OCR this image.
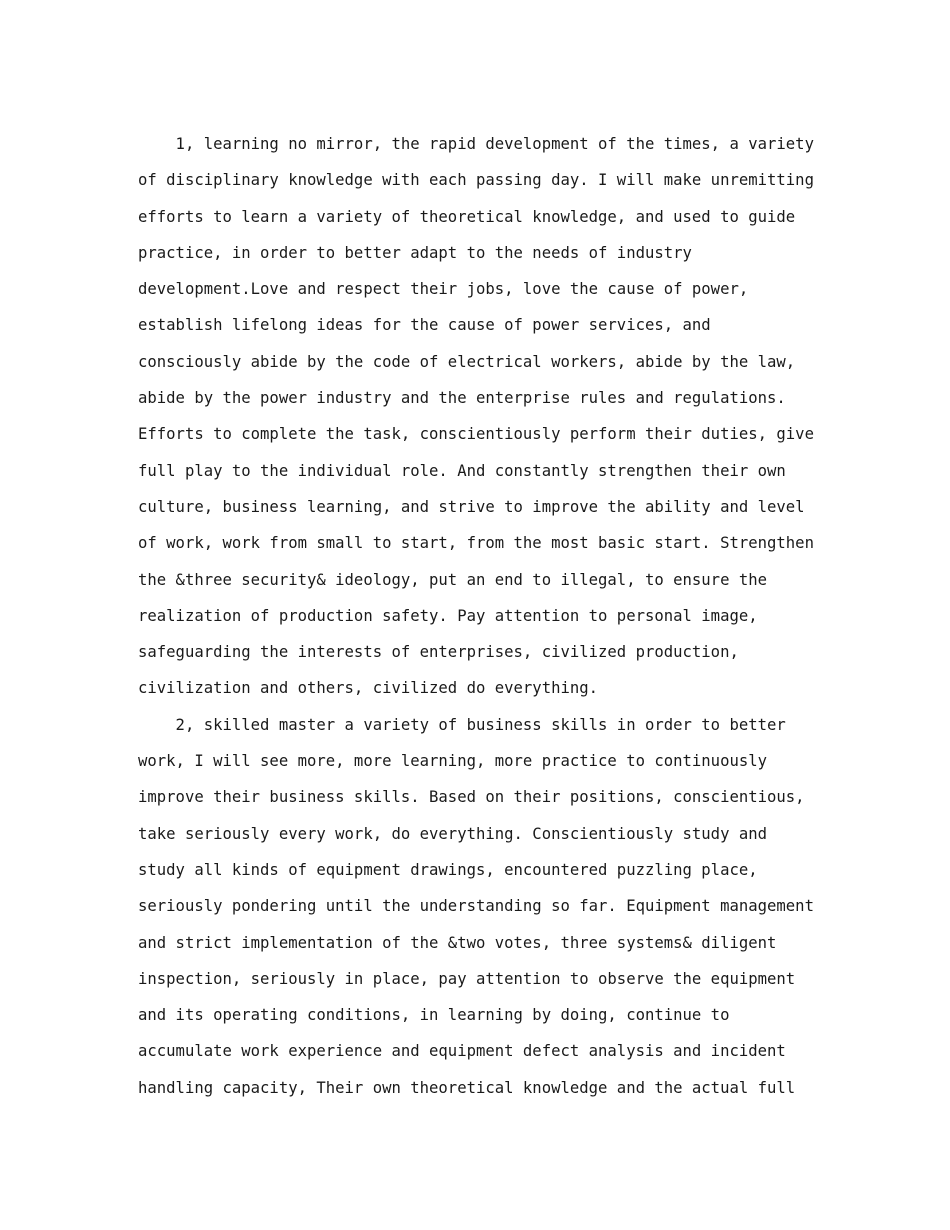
1, learning no mirror, the rapid development of the times, a variety
of disciplinary knowledge with each passing day. I will make unremitting
efforts to learn a variety of theoretical knowledge, and used to guide
practice, in order to better adapt to the needs of industry
development.Love and respect their jobs, love the cause of power,
establish lifelong ideas for the cause of power services, and
consciously abide by the code of electrical workers, abide by the law,
abide by the power industry and the enterprise rules and regulations.
Efforts to complete the task, conscientiously perform their duties, give
full play to the individual role. And constantly strengthen their own
culture, business learning, and strive to improve the ability and level
of work, work from small to start, from the most basic start. Strengthen
the &three security& ideology, put an end to illegal, to ensure the
realization of production safety. Pay attention to personal image,
safeguarding the interests of enterprises, civilized production,
civilization and others, civilized do everything.
2, skilled master a variety of business skills in order to better
work, I will see more, more learning, more practice to continuously
improve their business skills. Based on their positions, conscientious,
take seriously every work, do everything. Conscientiously study and
study all kinds of equipment drawings, encountered puzzling place,
seriously pondering until the understanding so far. Equipment management
and strict implementation of the &two votes, three systems& diligent
inspection, seriously in place, pay attention to observe the equipment
and its operating conditions, in learning by doing, continue to
accumulate work experience and equipment defect analysis and incident
handling capacity, Their own theoretical knowledge and the actual full
